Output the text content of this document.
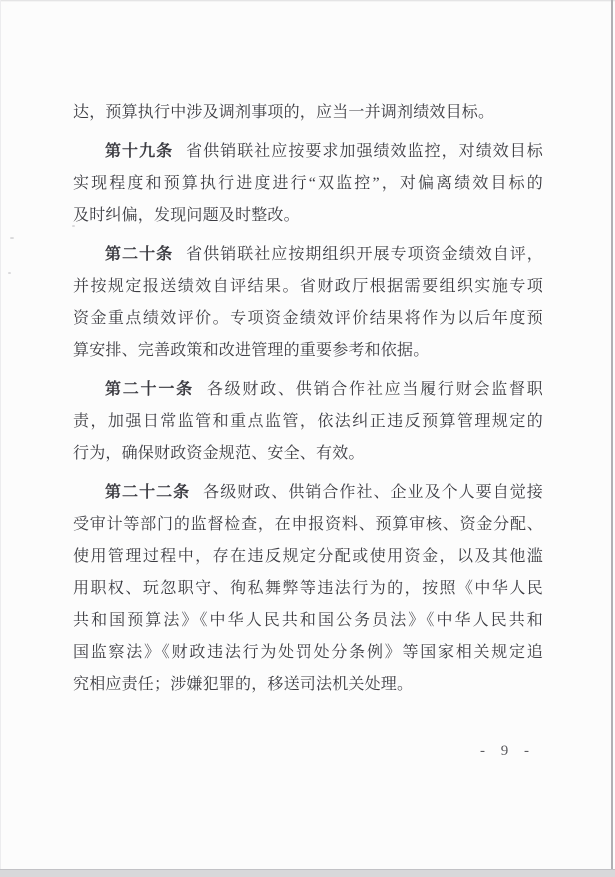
达，预算执行中涉及调剂事项的，应当一并调剂绩效目标。
第十九条 省供销联社应按要求加强绩效监控，对绩效目标
实现程度和预算执行进度进行“双监控”，对偏离绩效目标的
及时纠偏，发现问题及时整改。
第二十条 省供销联社应按期组织开展专项资金绩效自评，
并按规定报送绩效自评结果。省财政厅根据需要组织实施专项
资金重点绩效评价。专项资金绩效评价结果将作为以后年度预
算安排、完善政策和改进管理的重要参考和依据。
第二十一条 各级财政、供销合作社应当履行财会监督职
责，加强日常监管和重点监管，依法纠正违反预算管理规定的
行为，确保财政资金规范、安全、有效。
第二十二条 各级财政、供销合作社、企业及个人要自觉接
受审计等部门的监督检查，在申报资料、预算审核、资金分配、
使用管理过程中，存在违反规定分配或使用资金，以及其他滥
用职权、玩忽职守、徇私舞弊等违法行为的，按照《中华人民
共和国预算法》《中华人民共和国公务员法》《中华人民共和
国监察法》《财政违法行为处罚处分条例》等国家相关规定追
究相应责任；涉嫌犯罪的，移送司法机关处理。
- 9 -
